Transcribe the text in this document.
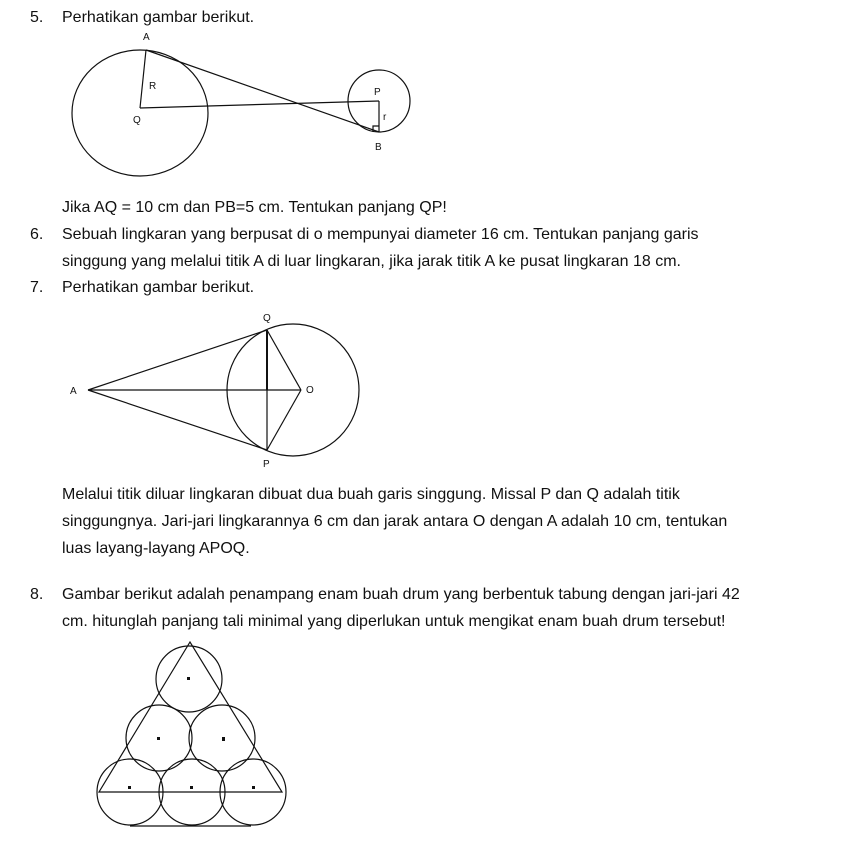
5. Perhatikan gambar berikut.
A
R
Q
P
r
B
Jika AQ = 10 cm dan PB=5 cm. Tentukan panjang QP!
6. Sebuah lingkaran yang berpusat di o mempunyai diameter 16 cm. Tentukan panjang garis
singgung yang melalui titik A di luar lingkaran, jika jarak titik A ke pusat lingkaran 18 cm.
7. Perhatikan gambar berikut.
Q
A	O
P
Melalui titik diluar lingkaran dibuat dua buah garis singgung. Missal P dan Q adalah titik
singgungnya. Jari-jari lingkarannya 6 cm dan jarak antara O dengan A adalah 10 cm, tentukan
luas layang-layang APOQ.
8. Gambar berikut adalah penampang enam buah drum yang berbentuk tabung dengan jari-jari 42
cm. hitunglah panjang tali minimal yang diperlukan untuk mengikat enam buah drum tersebut!
